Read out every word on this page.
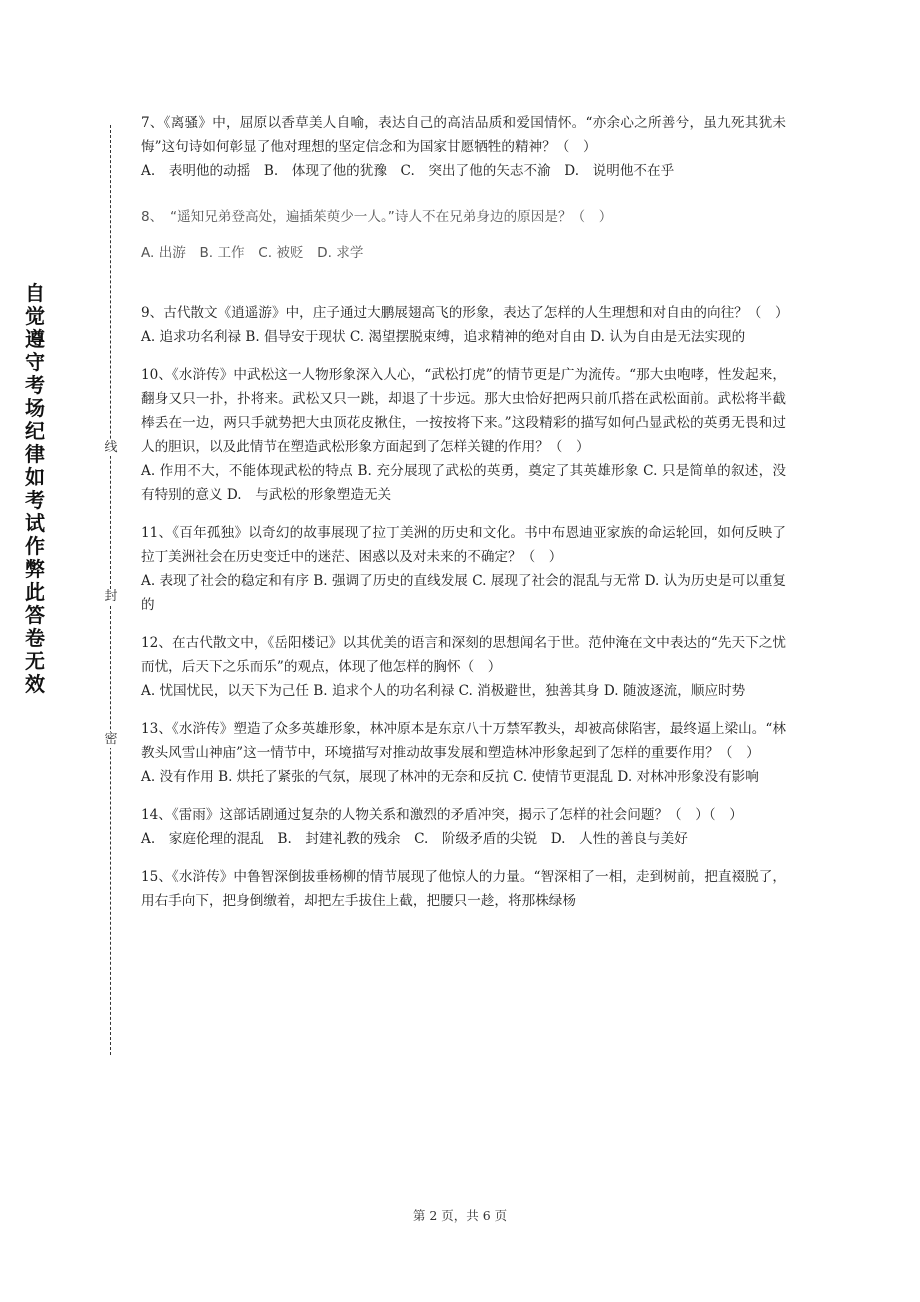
自觉遵守考场纪律如考试作弊此答卷无效
线
封
密

7、《离骚》中，屈原以香草美人自喻，表达自己的高洁品质和爱国情怀。“亦余心之所善兮，虽九死其犹未悔”这句诗如何彰显了他对理想的坚定信念和为国家甘愿牺牲的精神？（　）

A.　表明他的动摇　B.　体现了他的犹豫　C.　突出了他的矢志不渝　D.　说明他不在乎

8、　“遥知兄弟登高处，遍插茱萸少一人。”诗人不在兄弟身边的原因是？（　）

A. 出游　B. 工作　C. 被贬　D. 求学

9、古代散文《逍遥游》中，庄子通过大鹏展翅高飞的形象，表达了怎样的人生理想和对自由的向往？（　）

A. 追求功名利禄 B. 倡导安于现状 C. 渴望摆脱束缚，追求精神的绝对自由 D. 认为自由是无法实现的

10、《水浒传》中武松这一人物形象深入人心，“武松打虎”的情节更是广为流传。“那大虫咆哮，性发起来，翻身又只一扑，扑将来。武松又只一跳，却退了十步远。那大虫恰好把两只前爪搭在武松面前。武松将半截棒丢在一边，两只手就势把大虫顶花皮揪住，一按按将下来。”这段精彩的描写如何凸显武松的英勇无畏和过人的胆识，以及此情节在塑造武松形象方面起到了怎样关键的作用？（　）

A. 作用不大，不能体现武松的特点 B. 充分展现了武松的英勇，奠定了其英雄形象 C. 只是简单的叙述，没有特别的意义 D.　与武松的形象塑造无关

11、《百年孤独》以奇幻的故事展现了拉丁美洲的历史和文化。书中布恩迪亚家族的命运轮回，如何反映了拉丁美洲社会在历史变迁中的迷茫、困惑以及对未来的不确定？（　）

A. 表现了社会的稳定和有序 B. 强调了历史的直线发展 C. 展现了社会的混乱与无常 D. 认为历史是可以重复的

12、在古代散文中，《岳阳楼记》以其优美的语言和深刻的思想闻名于世。范仲淹在文中表达的“先天下之忧而忧，后天下之乐而乐”的观点，体现了他怎样的胸怀（　）

A. 忧国忧民，以天下为己任 B. 追求个人的功名利禄 C. 消极避世，独善其身 D. 随波逐流，顺应时势

13、《水浒传》塑造了众多英雄形象，林冲原本是东京八十万禁军教头，却被高俅陷害，最终逼上梁山。“林教头风雪山神庙”这一情节中，环境描写对推动故事发展和塑造林冲形象起到了怎样的重要作用？（　）

A. 没有作用 B. 烘托了紧张的气氛，展现了林冲的无奈和反抗 C. 使情节更混乱 D. 对林冲形象没有影响

14、《雷雨》这部话剧通过复杂的人物关系和激烈的矛盾冲突，揭示了怎样的社会问题？（　）（　）

A.　家庭伦理的混乱　B.　封建礼教的残余　C.　阶级矛盾的尖锐　D.　人性的善良与美好

15、《水浒传》中鲁智深倒拔垂杨柳的情节展现了他惊人的力量。“智深相了一相，走到树前，把直裰脱了，用右手向下，把身倒缴着，却把左手拔住上截，把腰只一趁，将那株绿杨

第 2 页，共 6 页
